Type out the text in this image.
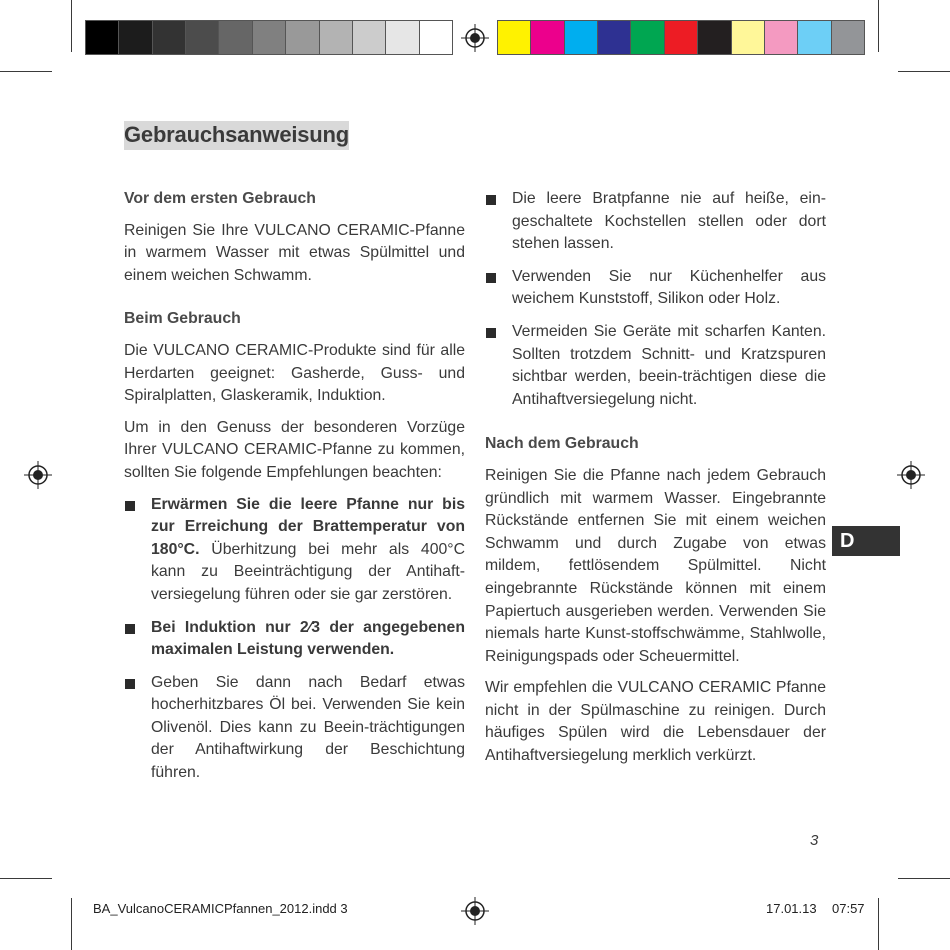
Gebrauchsanweisung
Vor dem ersten Gebrauch
Reinigen Sie Ihre VULCANO CERAMIC-Pfanne in warmem Wasser mit etwas Spülmittel und einem weichen Schwamm.
Beim Gebrauch
Die VULCANO CERAMIC-Produkte sind für alle Herdarten geeignet: Gasherde, Guss- und Spiralplatten, Glaskeramik, Induktion.
Um in den Genuss der besonderen Vorzüge Ihrer VULCANO CERAMIC-Pfanne zu kommen, sollten Sie folgende Empfehlungen beachten:
Erwärmen Sie die leere Pfanne nur bis zur Erreichung der Brattemperatur von 180°C. Überhitzung bei mehr als 400°C kann zu Beeinträchtigung der Antihaft-versiegelung führen oder sie gar zerstören.
Bei Induktion nur 2⁄3 der angegebenen maximalen Leistung verwenden.
Geben Sie dann nach Bedarf etwas hocherhitzbares Öl bei. Verwenden Sie kein Olivenöl. Dies kann zu Beein-trächtigungen der Antihaftwirkung der Beschichtung führen.
Die leere Bratpfanne nie auf heiße, ein-geschaltete Kochstellen stellen oder dort stehen lassen.
Verwenden Sie nur Küchenhelfer aus weichem Kunststoff, Silikon oder Holz.
Vermeiden Sie Geräte mit scharfen Kanten. Sollten trotzdem Schnitt- und Kratzspuren sichtbar werden, beein-trächtigen diese die Antihaftversiegelung nicht.
Nach dem Gebrauch
Reinigen Sie die Pfanne nach jedem Gebrauch gründlich mit warmem Wasser. Eingebrannte Rückstände entfernen Sie mit einem weichen Schwamm und durch Zugabe von etwas mildem, fettlösendem Spülmittel. Nicht eingebrannte Rückstände können mit einem Papiertuch ausgerieben werden. Verwenden Sie niemals harte Kunst-stoffschwämme, Stahlwolle, Reinigungspads oder Scheuermittel.
Wir empfehlen die VULCANO CERAMIC Pfanne nicht in der Spülmaschine zu reinigen. Durch häufiges Spülen wird die Lebensdauer der Antihaftversiegelung merklich verkürzt.
D
3
BA_VulcanoCERAMICPfannen_2012.indd 3	17.01.13 07:57
